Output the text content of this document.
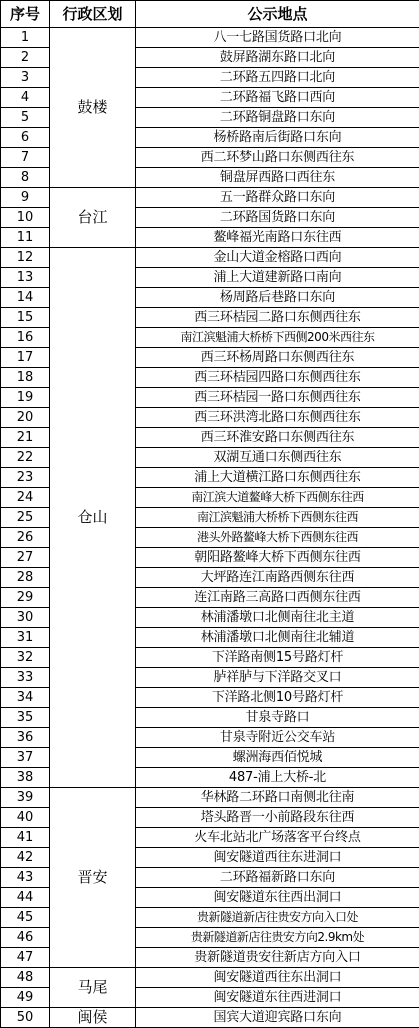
序号	行政区划	公示地点
1	鼓楼	八一七路国货路口北向
2		鼓屏路湖东路口北向
3		二环路五四路口北向
4		二环路福飞路口西向
5		二环路铜盘路口东向
6		杨桥路南后街路口东向
7		西二环梦山路口东侧西往东
8		铜盘屏西路口西往东
9	台江	五一路群众路口东向
10		二环路国货路口东向
11		鳌峰福光南路口东往西
12	仓山	金山大道金榕路口西向
13		浦上大道建新路口南向
14		杨周路后巷路口东向
15		西三环桔园二路口东侧西往东
16		南江滨魁浦大桥桥下西侧200米西往东
17		西三环杨周路口东侧西往东
18		西三环桔园四路口东侧西往东
19		西三环桔园一路口东侧西往东
20		西三环洪湾北路口东侧西往东
21		西三环淮安路口东侧西往东
22		双湖互通口东侧西往东
23		浦上大道横江路口东侧西往东
24		南江滨大道鳌峰大桥下西侧东往西
25		南江滨魁浦大桥桥下西侧东往西
26		港头外路鳌峰大桥下西侧东往西
27		朝阳路鳌峰大桥下西侧东往西
28		大坪路连江南路西侧东往西
29		连江南路三高路口西侧东往西
30		林浦潘墩口北侧南往北主道
31		林浦潘墩口北侧南往北辅道
32		下洋路南侧15号路灯杆
33		胪祥胪与下洋路交叉口
34		下洋路北侧10号路灯杆
35		甘泉寺路口
36		甘泉寺附近公交车站
37		螺洲海西佰悦城
38		487-浦上大桥-北
39	晋安	华林路二环路口南侧北往南
40		塔头路晋一小前路段东往西
41		火车北站北广场落客平台终点
42		闽安隧道西往东进洞口
43		二环路福新路口东向
44		闽安隧道东往西出洞口
45		贵新隧道新店往贵安方向入口处
46		贵新隧道新店往贵安方向2.9km处
47		贵新隧道贵安往新店方向入口
48	马尾	闽安隧道西往东出洞口
49		闽安隧道东往西进洞口
50	闽侯	国宾大道迎宾路口东向
